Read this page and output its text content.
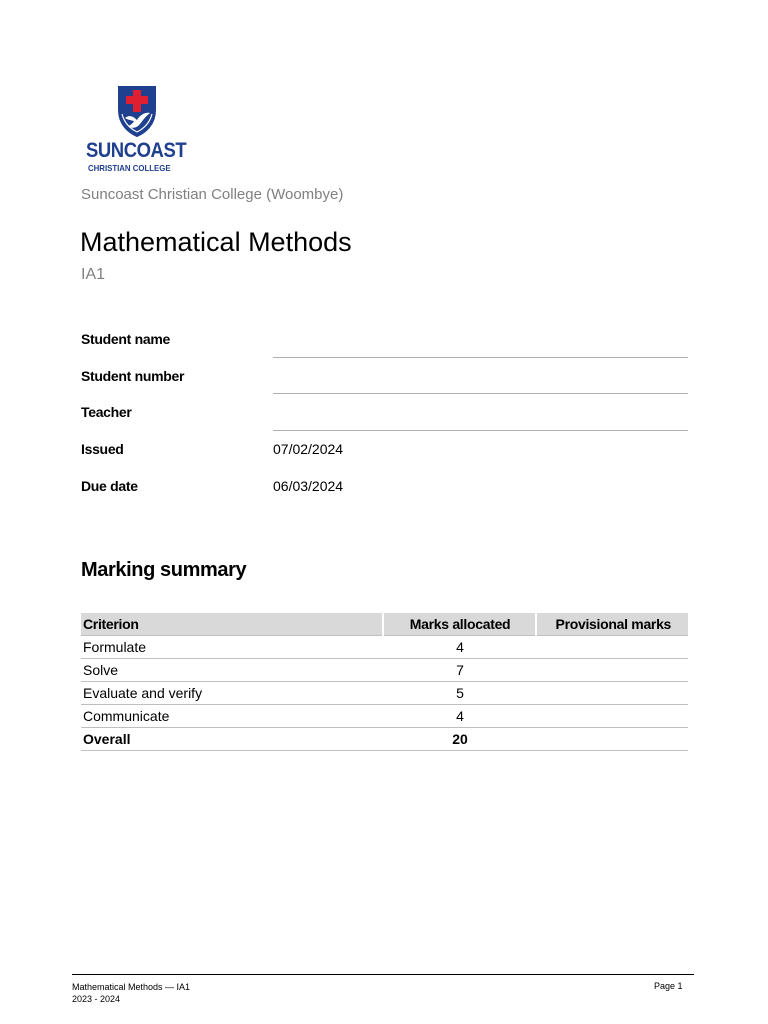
SUNCOAST
CHRISTIAN COLLEGE
Suncoast Christian College (Woombye)
Mathematical Methods
IA1
Student name
Student number
Teacher
Issued	07/02/2024
Due date	06/03/2024
Marking summary
Criterion	Marks allocated	Provisional marks
Formulate	4	
Solve	7	
Evaluate and verify	5	
Communicate	4	
Overall	20	
Mathematical Methods — IA1
2023 - 2024
Page 1
